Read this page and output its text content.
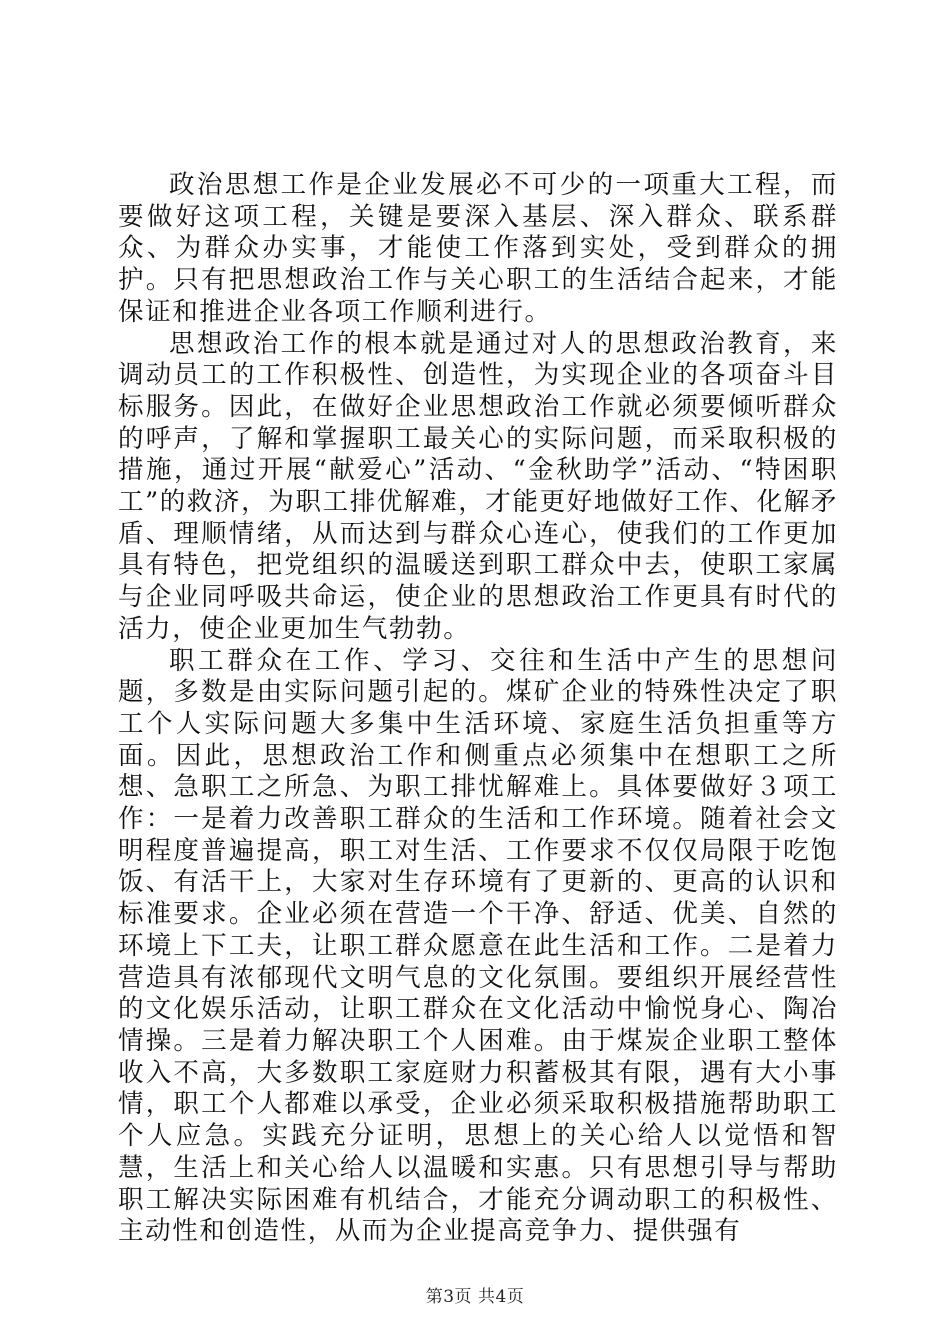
政治思想工作是企业发展必不可少的一项重大工程，而要做好这项工程，关键是要深入基层、深入群众、联系群众、为群众办实事，才能使工作落到实处，受到群众的拥护。只有把思想政治工作与关心职工的生活结合起来，才能保证和推进企业各项工作顺利进行。

思想政治工作的根本就是通过对人的思想政治教育，来调动员工的工作积极性、创造性，为实现企业的各项奋斗目标服务。因此，在做好企业思想政治工作就必须要倾听群众的呼声，了解和掌握职工最关心的实际问题，而采取积极的措施，通过开展“献爱心”活动、“金秋助学”活动、“特困职工”的救济，为职工排优解难，才能更好地做好工作、化解矛盾、理顺情绪，从而达到与群众心连心，使我们的工作更加具有特色，把党组织的温暖送到职工群众中去，使职工家属与企业同呼吸共命运，使企业的思想政治工作更具有时代的活力，使企业更加生气勃勃。

职工群众在工作、学习、交往和生活中产生的思想问题，多数是由实际问题引起的。煤矿企业的特殊性决定了职工个人实际问题大多集中生活环境、家庭生活负担重等方面。因此，思想政治工作和侧重点必须集中在想职工之所想、急职工之所急、为职工排忧解难上。具体要做好３项工作：一是着力改善职工群众的生活和工作环境。随着社会文明程度普遍提高，职工对生活、工作要求不仅仅局限于吃饱饭、有活干上，大家对生存环境有了更新的、更高的认识和标准要求。企业必须在营造一个干净、舒适、优美、自然的环境上下工夫，让职工群众愿意在此生活和工作。二是着力营造具有浓郁现代文明气息的文化氛围。要组织开展经营性的文化娱乐活动，让职工群众在文化活动中愉悦身心、陶冶情操。三是着力解决职工个人困难。由于煤炭企业职工整体收入不高，大多数职工家庭财力积蓄极其有限，遇有大小事情，职工个人都难以承受，企业必须采取积极措施帮助职工个人应急。实践充分证明，思想上的关心给人以觉悟和智慧，生活上和关心给人以温暖和实惠。只有思想引导与帮助职工解决实际困难有机结合，才能充分调动职工的积极性、主动性和创造性，从而为企业提高竞争力、提供强有

第3页 共4页
